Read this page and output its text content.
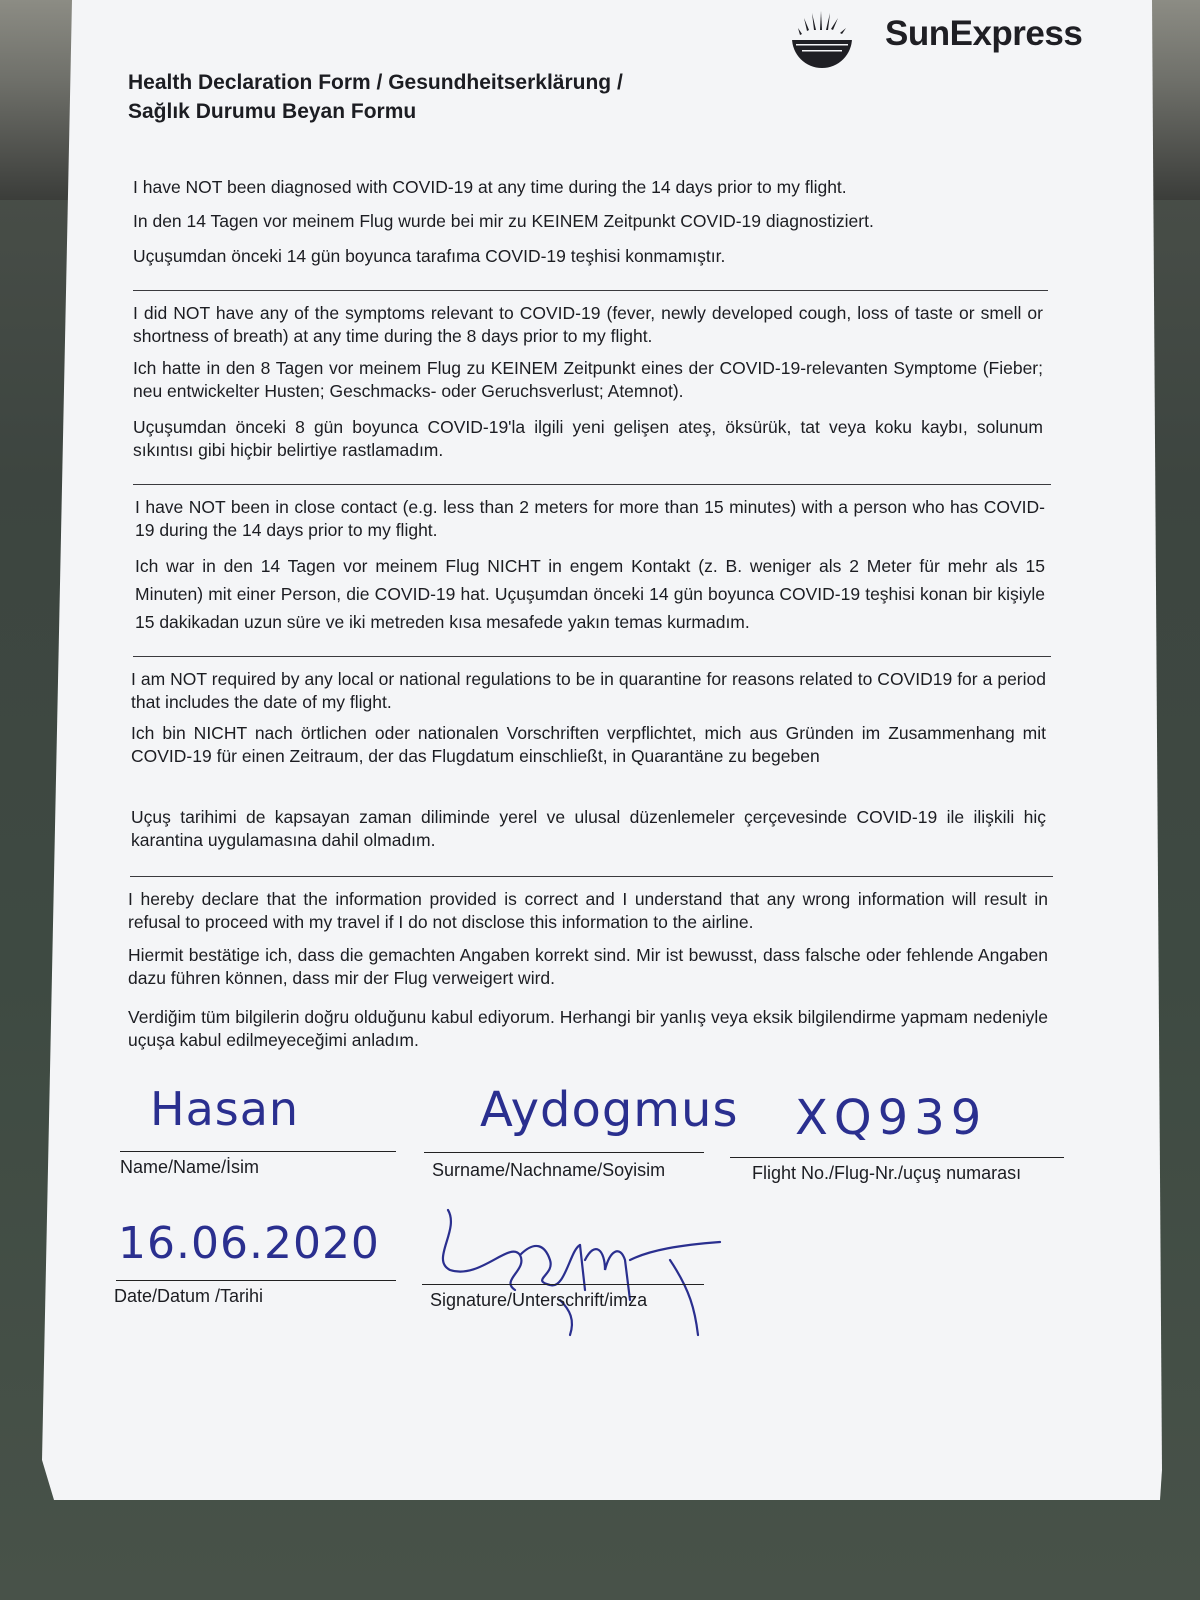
SunExpress
Health Declaration Form / Gesundheitserklärung /
Sağlık Durumu Beyan Formu
I have NOT been diagnosed with COVID-19 at any time during the 14 days prior to my flight.
In den 14 Tagen vor meinem Flug wurde bei mir zu KEINEM Zeitpunkt COVID-19 diagnostiziert.
Uçuşumdan önceki 14 gün boyunca tarafıma COVID-19 teşhisi konmamıştır.
I did NOT have any of the symptoms relevant to COVID-19 (fever, newly developed cough, loss of taste or smell or shortness of breath) at any time during the 8 days prior to my flight.
Ich hatte in den 8 Tagen vor meinem Flug zu KEINEM Zeitpunkt eines der COVID-19-relevanten Symptome (Fieber; neu entwickelter Husten; Geschmacks- oder Geruchsverlust; Atemnot).
Uçuşumdan önceki 8 gün boyunca COVID-19'la ilgili yeni gelişen ateş, öksürük, tat veya koku kaybı, solunum sıkıntısı gibi hiçbir belirtiye rastlamadım.
I have NOT been in close contact (e.g. less than 2 meters for more than 15 minutes) with a person who has COVID-19 during the 14 days prior to my flight.
Ich war in den 14 Tagen vor meinem Flug NICHT in engem Kontakt (z. B. weniger als 2 Meter für mehr als 15 Minuten) mit einer Person, die COVID-19 hat. Uçuşumdan önceki 14 gün boyunca COVID-19 teşhisi konan bir kişiyle 15 dakikadan uzun süre ve iki metreden kısa mesafede yakın temas kurmadım.
I am NOT required by any local or national regulations to be in quarantine for reasons related to COVID19 for a period that includes the date of my flight.
Ich bin NICHT nach örtlichen oder nationalen Vorschriften verpflichtet, mich aus Gründen im Zusammenhang mit COVID-19 für einen Zeitraum, der das Flugdatum einschließt, in Quarantäne zu begeben
Uçuş tarihimi de kapsayan zaman diliminde yerel ve ulusal düzenlemeler çerçevesinde COVID-19 ile ilişkili hiç karantina uygulamasına dahil olmadım.
I hereby declare that the information provided is correct and I understand that any wrong information will result in refusal to proceed with my travel if I do not disclose this information to the airline.
Hiermit bestätige ich, dass die gemachten Angaben korrekt sind. Mir ist bewusst, dass falsche oder fehlende Angaben dazu führen können, dass mir der Flug verweigert wird.
Verdiğim tüm bilgilerin doğru olduğunu kabul ediyorum. Herhangi bir yanlış veya eksik bilgilendirme yapmam nedeniyle uçuşa kabul edilmeyeceğimi anladım.
Hasan
Name/Name/İsim
Aydogmus
Surname/Nachname/Soyisim
XQ939
Flight No./Flug-Nr./uçuş numarası
16.06.2020
Date/Datum /Tarihi	Signature/Unterschrift/imza
